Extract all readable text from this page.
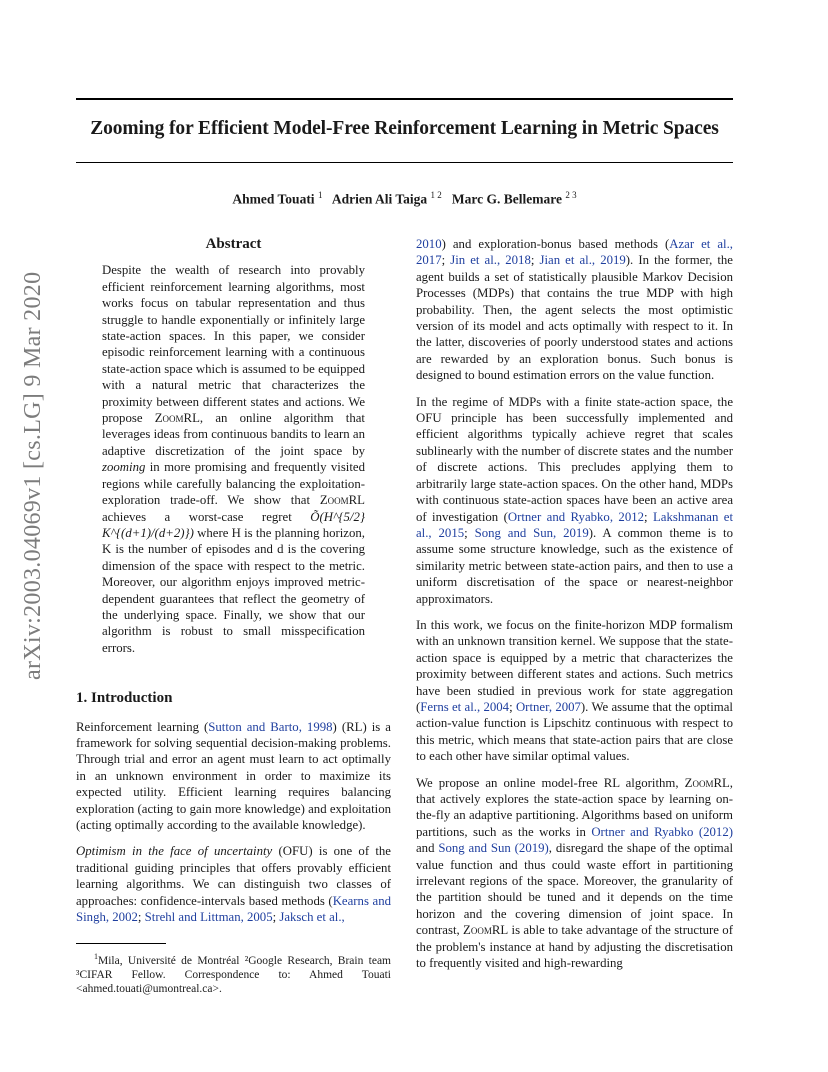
arXiv:2003.04069v1 [cs.LG] 9 Mar 2020
Zooming for Efficient Model-Free Reinforcement Learning in Metric Spaces
Ahmed Touati $^1$ Adrien Ali Taiga $^{1 2}$ Marc G. Bellemare $^{2 3}$
Abstract
Despite the wealth of research into provably efficient reinforcement learning algorithms, most works focus on tabular representation and thus struggle to handle exponentially or infinitely large state-action spaces. In this paper, we consider episodic reinforcement learning with a continuous state-action space which is assumed to be equipped with a natural metric that characterizes the proximity between different states and actions. We propose ZoomRL, an online algorithm that leverages ideas from continuous bandits to learn an adaptive discretization of the joint space by zooming in more promising and frequently visited regions while carefully balancing the exploitation-exploration trade-off. We show that ZoomRL achieves a worst-case regret Õ(H^{5/2} K^{(d+1)/(d+2)}) where H is the planning horizon, K is the number of episodes and d is the covering dimension of the space with respect to the metric. Moreover, our algorithm enjoys improved metric-dependent guarantees that reflect the geometry of the underlying space. Finally, we show that our algorithm is robust to small misspecification errors.
1. Introduction

Reinforcement learning (Sutton and Barto, 1998) (RL) is a framework for solving sequential decision-making problems. Through trial and error an agent must learn to act optimally in an unknown environment in order to maximize its expected utility. Efficient learning requires balancing exploration (acting to gain more knowledge) and exploitation (acting optimally according to the available knowledge).

Optimism in the face of uncertainty (OFU) is one of the traditional guiding principles that offers provably efficient learning algorithms. We can distinguish two classes of approaches: confidence-intervals based methods (Kearns and Singh, 2002; Strehl and Littman, 2005; Jaksch et al.,

$^1$Mila, Université de Montréal ²Google Research, Brain team ³CIFAR Fellow. Correspondence to: Ahmed Touati <ahmed.touati@umontreal.ca>.

2010) and exploration-bonus based methods (Azar et al., 2017; Jin et al., 2018; Jian et al., 2019). In the former, the agent builds a set of statistically plausible Markov Decision Processes (MDPs) that contains the true MDP with high probability. Then, the agent selects the most optimistic version of its model and acts optimally with respect to it. In the latter, discoveries of poorly understood states and actions are rewarded by an exploration bonus. Such bonus is designed to bound estimation errors on the value function.

In the regime of MDPs with a finite state-action space, the OFU principle has been successfully implemented and efficient algorithms typically achieve regret that scales sublinearly with the number of discrete states and the number of discrete actions. This precludes applying them to arbitrarily large state-action spaces. On the other hand, MDPs with continuous state-action spaces have been an active area of investigation (Ortner and Ryabko, 2012; Lakshmanan et al., 2015; Song and Sun, 2019). A common theme is to assume some structure knowledge, such as the existence of similarity metric between state-action pairs, and then to use a uniform discretisation of the space or nearest-neighbor approximators.

In this work, we focus on the finite-horizon MDP formalism with an unknown transition kernel. We suppose that the state-action space is equipped by a metric that characterizes the proximity between different states and actions. Such metrics have been studied in previous work for state aggregation (Ferns et al., 2004; Ortner, 2007). We assume that the optimal action-value function is Lipschitz continuous with respect to this metric, which means that state-action pairs that are close to each other have similar optimal values.

We propose an online model-free RL algorithm, ZoomRL, that actively explores the state-action space by learning on-the-fly an adaptive partitioning. Algorithms based on uniform partitions, such as the works in Ortner and Ryabko (2012) and Song and Sun (2019), disregard the shape of the optimal value function and thus could waste effort in partitioning irrelevant regions of the space. Moreover, the granularity of the partition should be tuned and it depends on the time horizon and the covering dimension of joint space. In contrast, ZoomRL is able to take advantage of the structure of the problem's instance at hand by adjusting the discretisation to frequently visited and high-rewarding
